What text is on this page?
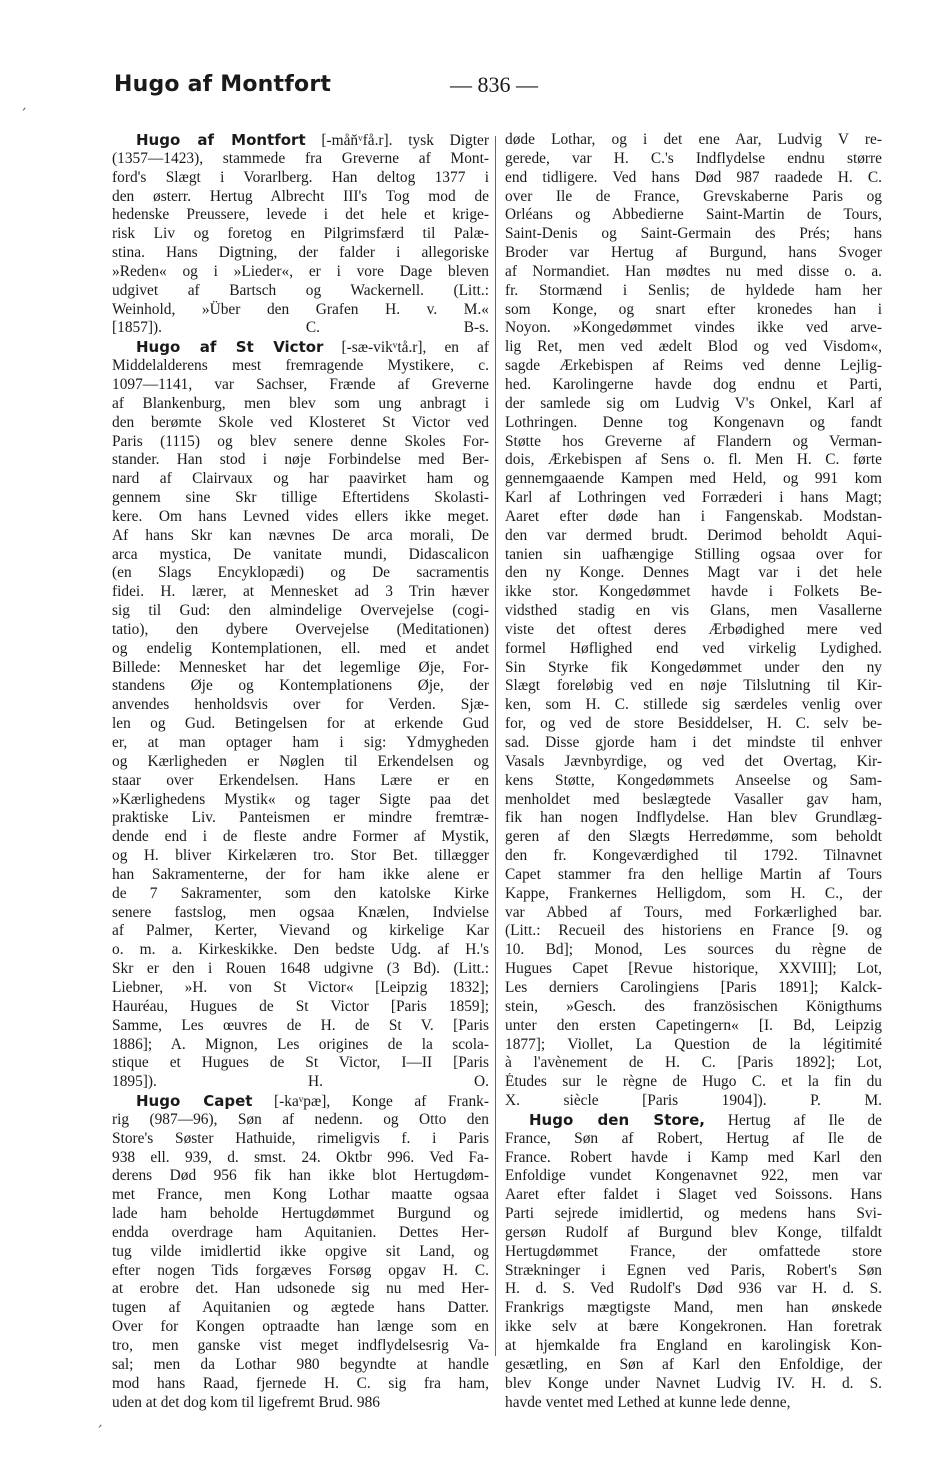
Hugo af Montfort	— 836 —
Hugo af Montfort [-mån̆ᵛfå.r]. tysk Digter
(1357—1423), stammede fra Greverne af Mont-
ford's Slægt i Vorarlberg. Han deltog 1377 i
den østerr. Hertug Albrecht III's Tog mod de
hedenske Preussere, levede i det hele et krige-
risk Liv og foretog en Pilgrimsfærd til Palæ-
stina. Hans Digtning, der falder i allegoriske
»Reden« og i »Lieder«, er i vore Dage bleven
udgivet af Bartsch og Wackernell. (Litt.:
Weinhold, »Über den Grafen H. v. M.«
[1857]). C. B-s.
Hugo af St Victor [-sæ-vikᵛtå.r], en af
Middelalderens mest fremragende Mystikere, c.
1097—1141, var Sachser, Frænde af Greverne
af Blankenburg, men blev som ung anbragt i
den berømte Skole ved Klosteret St Victor ved
Paris (1115) og blev senere denne Skoles For-
stander. Han stod i nøje Forbindelse med Ber-
nard af Clairvaux og har paavirket ham og
gennem sine Skr tillige Eftertidens Skolasti-
kere. Om hans Levned vides ellers ikke meget.
Af hans Skr kan nævnes De arca morali, De
arca mystica, De vanitate mundi, Didascalicon
(en Slags Encyklopædi) og De sacramentis
fidei. H. lærer, at Mennesket ad 3 Trin hæver
sig til Gud: den almindelige Overvejelse (cogi-
tatio), den dybere Overvejelse (Meditationen)
og endelig Kontemplationen, ell. med et andet
Billede: Mennesket har det legemlige Øje, For-
standens Øje og Kontemplationens Øje, der
anvendes henholdsvis over for Verden. Sjæ-
len og Gud. Betingelsen for at erkende Gud
er, at man optager ham i sig: Ydmygheden
og Kærligheden er Nøglen til Erkendelsen og
staar over Erkendelsen. Hans Lære er en
»Kærlighedens Mystik« og tager Sigte paa det
praktiske Liv. Panteismen er mindre fremtræ-
dende end i de fleste andre Former af Mystik,
og H. bliver Kirkelæren tro. Stor Bet. tillægger
han Sakramenterne, der for ham ikke alene er
de 7 Sakramenter, som den katolske Kirke
senere fastslog, men ogsaa Knælen, Indvielse
af Palmer, Kerter, Vievand og kirkelige Kar
o. m. a. Kirkeskikke. Den bedste Udg. af H.'s
Skr er den i Rouen 1648 udgivne (3 Bd). (Litt.:
Liebner, »H. von St Victor« [Leipzig 1832];
Hauréau, Hugues de St Victor [Paris 1859];
Samme, Les œuvres de H. de St V. [Paris
1886]; A. Mignon, Les origines de la scola-
stique et Hugues de St Victor, I—II [Paris
1895]). H. O.
Hugo Capet [-kaᵛpæ], Konge af Frank-
rig (987—96), Søn af nedenn. og Otto den
Store's Søster Hathuide, rimeligvis f. i Paris
938 ell. 939, d. smst. 24. Oktbr 996. Ved Fa-
derens Død 956 fik han ikke blot Hertugdøm-
met France, men Kong Lothar maatte ogsaa
lade ham beholde Hertugdømmet Burgund og
endda overdrage ham Aquitanien. Dettes Her-
tug vilde imidlertid ikke opgive sit Land, og
efter nogen Tids forgæves Forsøg opgav H. C.
at erobre det. Han udsonede sig nu med Her-
tugen af Aquitanien og ægtede hans Datter.
Over for Kongen optraadte han længe som en
tro, men ganske vist meget indflydelsesrig Va-
sal; men da Lothar 980 begyndte at handle
mod hans Raad, fjernede H. C. sig fra ham,
uden at det dog kom til ligefremt Brud. 986
døde Lothar, og i det ene Aar, Ludvig V re-
gerede, var H. C.'s Indflydelse endnu større
end tidligere. Ved hans Død 987 raadede H. C.
over Ile de France, Grevskaberne Paris og
Orléans og Abbedierne Saint-Martin de Tours,
Saint-Denis og Saint-Germain des Prés; hans
Broder var Hertug af Burgund, hans Svoger
af Normandiet. Han mødtes nu med disse o. a.
fr. Stormænd i Senlis; de hyldede ham her
som Konge, og snart efter kronedes han i
Noyon. »Kongedømmet vindes ikke ved arve-
lig Ret, men ved ædelt Blod og ved Visdom«,
sagde Ærkebispen af Reims ved denne Lejlig-
hed. Karolingerne havde dog endnu et Parti,
der samlede sig om Ludvig V's Onkel, Karl af
Lothringen. Denne tog Kongenavn og fandt
Støtte hos Greverne af Flandern og Verman-
dois, Ærkebispen af Sens o. fl. Men H. C. førte
gennemgaaende Kampen med Held, og 991 kom
Karl af Lothringen ved Forræderi i hans Magt;
Aaret efter døde han i Fangenskab. Modstan-
den var dermed brudt. Derimod beholdt Aqui-
tanien sin uafhængige Stilling ogsaa over for
den ny Konge. Dennes Magt var i det hele
ikke stor. Kongedømmet havde i Folkets Be-
vidsthed stadig en vis Glans, men Vasallerne
viste det oftest deres Ærbødighed mere ved
formel Høflighed end ved virkelig Lydighed.
Sin Styrke fik Kongedømmet under den ny
Slægt foreløbig ved en nøje Tilslutning til Kir-
ken, som H. C. stillede sig særdeles venlig over
for, og ved de store Besiddelser, H. C. selv be-
sad. Disse gjorde ham i det mindste til enhver
Vasals Jævnbyrdige, og ved det Overtag, Kir-
kens Støtte, Kongedømmets Anseelse og Sam-
menholdet med beslægtede Vasaller gav ham,
fik han nogen Indflydelse. Han blev Grundlæg-
geren af den Slægts Herredømme, som beholdt
den fr. Kongeværdighed til 1792. Tilnavnet
Capet stammer fra den hellige Martin af Tours
Kappe, Frankernes Helligdom, som H. C., der
var Abbed af Tours, med Forkærlighed bar.
(Litt.: Recueil des historiens en France [9. og
10. Bd]; Monod, Les sources du règne de
Hugues Capet [Revue historique, XXVIII]; Lot,
Les derniers Carolingiens [Paris 1891]; Kalck-
stein, »Gesch. des französischen Königthums
unter den ersten Capetingern« [I. Bd, Leipzig
1877]; Viollet, La Question de la légitimité
à l'avènement de H. C. [Paris 1892]; Lot,
Études sur le règne de Hugo C. et la fin du
X. siècle [Paris 1904]). P. M.
Hugo den Store, Hertug af Ile de
France, Søn af Robert, Hertug af Ile de
France. Robert havde i Kamp med Karl den
Enfoldige vundet Kongenavnet 922, men var
Aaret efter faldet i Slaget ved Soissons. Hans
Parti sejrede imidlertid, og medens hans Svi-
gersøn Rudolf af Burgund blev Konge, tilfaldt
Hertugdømmet France, der omfattede store
Strækninger i Egnen ved Paris, Robert's Søn
H. d. S. Ved Rudolf's Død 936 var H. d. S.
Frankrigs mægtigste Mand, men han ønskede
ikke selv at bære Kongekronen. Han foretrak
at hjemkalde fra England en karolingisk Kon-
gesætling, en Søn af Karl den Enfoldige, der
blev Konge under Navnet Ludvig IV. H. d. S.
havde ventet med Lethed at kunne lede denne,
ˏ
ˏ
